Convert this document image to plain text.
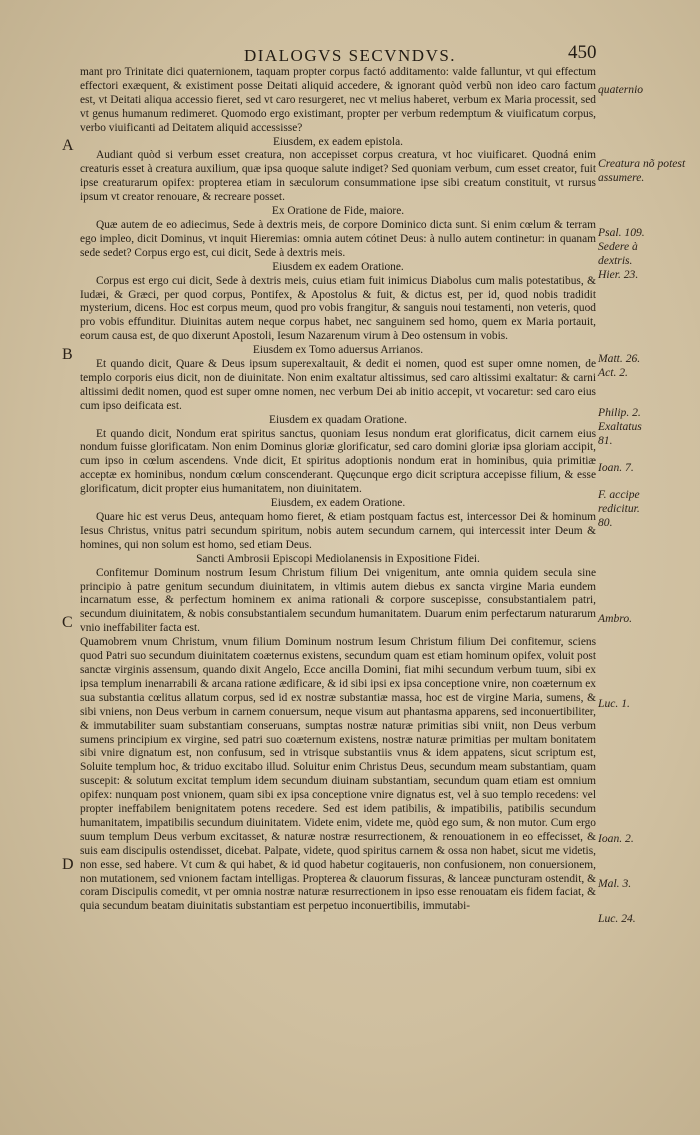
DIALOGVS SECVNDVS.	450

mant pro Trinitate dici quaternionem, taquam propter corpus factó additamento: valde falluntur, vt qui effectum effectori exæquent, & existiment posse Deitati aliquid accedere, & ignorant quòd verbũ non ideo caro factum est, vt Deitati aliqua accessio fieret, sed vt caro resurgeret, nec vt melius haberet, verbum ex Maria processit, sed vt genus humanum redimeret. Quomodo ergo existimant, propter per verbum redemptum & viuificatum corpus, verbo viuificanti ad Deitatem aliquid accessisse?

Eiusdem, ex eadem epistola.

Audiant quòd si verbum esset creatura, non accepisset corpus creatura, vt hoc viuificaret. Quodná enim creaturis esset à creatura auxilium, quæ ipsa quoque salute indiget? Sed quoniam verbum, cum esset creator, fuit ipse creaturarum opifex: propterea etiam in sæculorum consummatione ipse sibi creatum constituit, vt rursus ipsum vt creator renouare, & recreare posset.

Ex Oratione de Fide, maiore.

Quæ autem de eo adiecimus, Sede à dextris meis, de corpore Dominico dicta sunt. Si enim cœlum & terram ego impleo, dicit Dominus, vt inquit Hieremias: omnia autem cótinet Deus: à nullo autem continetur: in quanam sede sedet? Corpus ergo est, cui dicit, Sede à dextris meis.

Eiusdem ex eadem Oratione.

Corpus est ergo cui dicit, Sede à dextris meis, cuius etiam fuit inimicus Diabolus cum malis potestatibus, & Iudæi, & Græci, per quod corpus, Pontifex, & Apostolus & fuit, & dictus est, per id, quod nobis tradidit mysterium, dicens. Hoc est corpus meum, quod pro vobis frangitur, & sanguis noui testamenti, non veteris, quod pro vobis effunditur. Diuinitas autem neque corpus habet, nec sanguinem sed homo, quem ex Maria portauit, eorum causa est, de quo dixerunt Apostoli, Iesum Nazarenum virum à Deo ostensum in vobis.

Eiusdem ex Tomo aduersus Arrianos.

Et quando dicit, Quare & Deus ipsum superexaltauit, & dedit ei nomen, quod est super omne nomen, de templo corporis eius dicit, non de diuinitate. Non enim exaltatur altissimus, sed caro altissimi exaltatur: & carni altissimi dedit nomen, quod est super omne nomen, nec verbum Dei ab initio accepit, vt vocaretur: sed caro eius cum ipso deificata est.

Eiusdem ex quadam Oratione.

Et quando dicit, Nondum erat spiritus sanctus, quoniam Iesus nondum erat glorificatus, dicit carnem eius nondum fuisse glorificatam. Non enim Dominus gloriæ glorificatur, sed caro domini gloriæ ipsa gloriam accipit, cum ipso in cœlum ascendens. Vnde dicit, Et spiritus adoptionis nondum erat in hominibus, quia primitiæ acceptæ ex hominibus, nondum cœlum conscenderant. Quęcunque ergo dicit scriptura accepisse filium, & esse glorificatum, dicit propter eius humanitatem, non diuinitatem.

Eiusdem, ex eadem Oratione.

Quare hic est verus Deus, antequam homo fieret, & etiam postquam factus est, intercessor Dei & hominum Iesus Christus, vnitus patri secundum spiritum, nobis autem secundum carnem, qui intercessit inter Deum & homines, qui non solum est homo, sed etiam Deus.

Sancti Ambrosii Episcopi Mediolanensis in Expositione Fidei.

Confitemur Dominum nostrum Iesum Christum filium Dei vnigenitum, ante omnia quidem secula sine principio à patre genitum secundum diuinitatem, in vltimis autem diebus ex sancta virgine Maria eundem incarnatum esse, & perfectum hominem ex anima rationali & corpore suscepisse, consubstantialem patri, secundum diuinitatem, & nobis consubstantialem secundum humanitatem. Duarum enim perfectarum naturarum vnio ineffabiliter facta est.

Quamobrem vnum Christum, vnum filium Dominum nostrum Iesum Christum filium Dei confitemur, sciens quod Patri suo secundum diuinitatem coæternus existens, secundum quam est etiam hominum opifex, voluit post sanctæ virginis assensum, quando dixit Angelo, Ecce ancilla Domini, fiat mihi secundum verbum tuum, sibi ex ipsa templum inenarrabili & arcana ratione ædificare, & id sibi ipsi ex ipsa conceptione vnire, non coæternum ex sua substantia cœlitus allatum corpus, sed id ex nostræ substantiæ massa, hoc est de virgine Maria, sumens, & sibi vniens, non Deus verbum in carnem conuersum, neque visum aut phantasma apparens, sed inconuertibiliter, & immutabiliter suam substantiam conseruans, sumptas nostræ naturæ primitias sibi vniit, non Deus verbum sumens principium ex virgine, sed patri suo coæternum existens, nostræ naturæ primitias per multam bonitatem sibi vnire dignatum est, non confusum, sed in vtrisque substantiis vnus & idem appatens, sicut scriptum est, Soluite templum hoc, & triduo excitabo illud. Soluitur enim Christus Deus, secundum meam substantiam, quam suscepit: & solutum excitat templum idem secundum diuinam substantiam, secundum quam etiam est omnium opifex: nunquam post vnionem, quam sibi ex ipsa conceptione vnire dignatus est, vel à suo templo recedens: vel propter ineffabilem benignitatem potens recedere. Sed est idem patibilis, & impatibilis, patibilis secundum humanitatem, impatibilis secundum diuinitatem. Videte enim, videte me, quòd ego sum, & non mutor. Cum ergo suum templum Deus verbum excitasset, & naturæ nostræ resurrectionem, & renouationem in eo effecisset, & suis eam discipulis ostendisset, dicebat. Palpate, videte, quod spiritus carnem & ossa non habet, sicut me videtis, non esse, sed habere. Vt cum & qui habet, & id quod habetur cogitaueris, non confusionem, non conuersionem, non mutationem, sed vnionem factam intelligas. Propterea & clauorum fissuras, & lanceæ puncturam ostendit, & coram Discipulis comedit, vt per omnia nostræ naturæ resurrectionem in ipso esse renouatam eis fidem faciat, & quia secundum beatam diuinitatis substantiam est perpetuo inconuertibilis, immutabi-

quaternio
Creatura nõ potest assumere.
Psal. 109.
Sedere à dextris.
Hier. 23.
Matt. 26.
Act. 2.
Philip. 2.
Exaltatus
81.
Ioan. 7.
F. accipe
redicitur.
80.
Ambro.
Luc. 1.
Ioan. 2.
Mal. 3.
Luc. 24.
A
B
C
D
